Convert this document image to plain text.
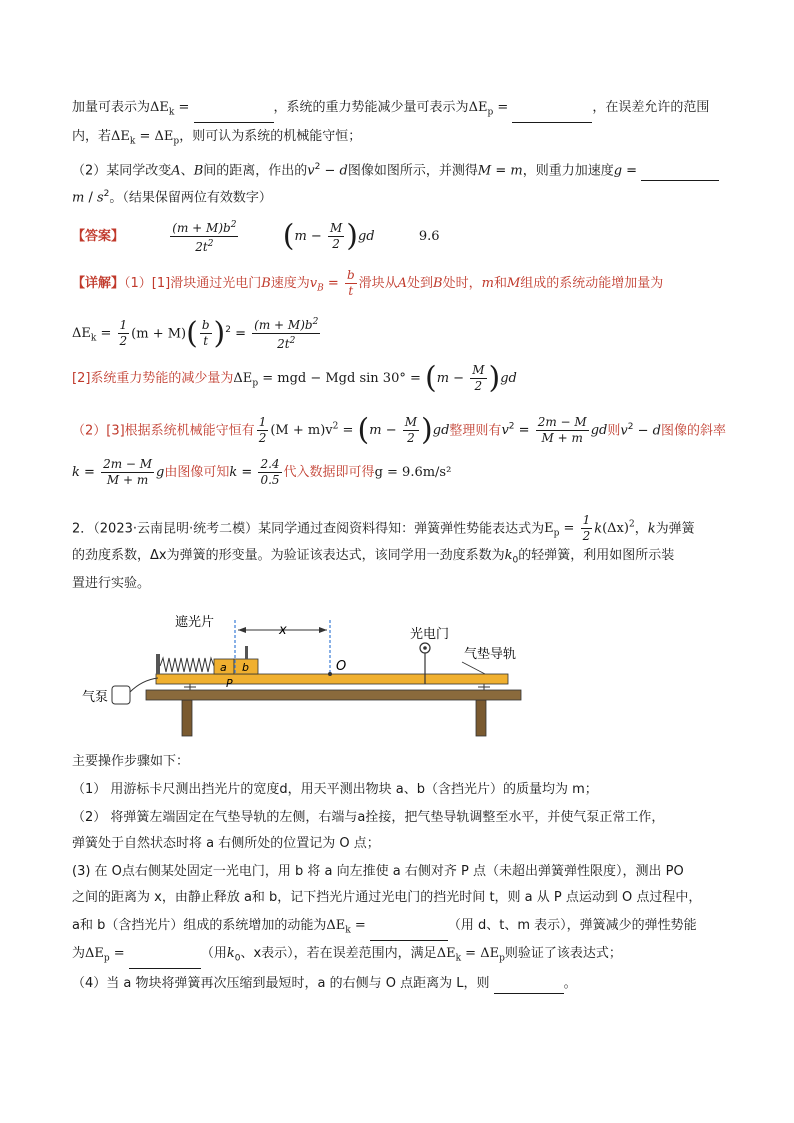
加量可表示为$\Delta E_k$ =	，系统的重力势能减少量可表示为$\Delta E_p$ =	，在误差允许的范围
内，若$\Delta E_k = \Delta E_p$，则可认为系统的机械能守恒；
（2）某同学改变A、B间的距离，作出的$v^2 - d$图像如图所示，并测得M = m，则重力加速度g =
m / $s^2$。（结果保留两位有效数字）
【答案】	$\frac{(m + M)b^2}{2t^2} (m - \frac{M}{2} )gd$	9.6
【详解】（1）[1]滑块通过光电门B速度为$v_B = \frac{b}{t}$ 滑块从A处到B处时，m和M组成的系统动能增加量为
$\Delta E_k = \frac{1}{2} (m + M)( \frac{b}{t} )^2 = \frac{(m + M)b^2}{2t^2}$
[2]系统重力势能的减少量为$\Delta E_p$ = mgd − Mgd $\sin 30^\circ = (m - \frac{M}{2} )gd$
（2）[3]根据系统机械能守恒有 $\frac{1}{2} (M + m)v^2 = (m - \frac{M}{2} )gd$整理则有$v^2 = \frac{2m - M}{M + m}$ gd则$v^2 - d$图像的斜率
$k = \frac{2m - M}{M + m}$ g由图像可知$k = \frac{2.4}{0.5}$ 代入数据即可得g = 9.6m/s²
2．（2023·云南昆明·统考二模）某同学通过查阅资料得知：弹簧弹性势能表达式为$E_p = \frac{1}{2} k(\Delta x)^2$，k为弹簧
的劲度系数，Δx为弹簧的形变量。为验证该表达式，该同学用一劲度系数为$k_0$的轻弹簧，利用如图所示装
置进行实验。
a b
x
遮光片
O
P
光电门
气垫导轨
气泵
主要操作步骤如下：
（1） 用游标卡尺测出挡光片的宽度d，用天平测出物块 a、b（含挡光片）的质量均为 m；
（2） 将弹簧左端固定在气垫导轨的左侧，右端与a拴接，把气垫导轨调整至水平，并使气泵正常工作，
弹簧处于自然状态时将 a 右侧所处的位置记为 O 点；
(3) 在 O点右侧某处固定一光电门，用 b 将 a 向左推使 a 右侧对齐 P 点（未超出弹簧弹性限度），测出 PO
之间的距离为 x，由静止释放 a和 b，记下挡光片通过光电门的挡光时间 t，则 a 从 P 点运动到 O 点过程中，
a和 b（含挡光片）组成的系统增加的动能为$\Delta E_k$ =	（用 d、t、m 表示），弹簧减少的弹性势能
为$\Delta E_p$ =	（用$k_0$、x表示），若在误差范围内，满足$\Delta E_k = \Delta E_p$则验证了该表达式；
（4）当 a 物块将弹簧再次压缩到最短时，a 的右侧与 O 点距离为 L，则	。
